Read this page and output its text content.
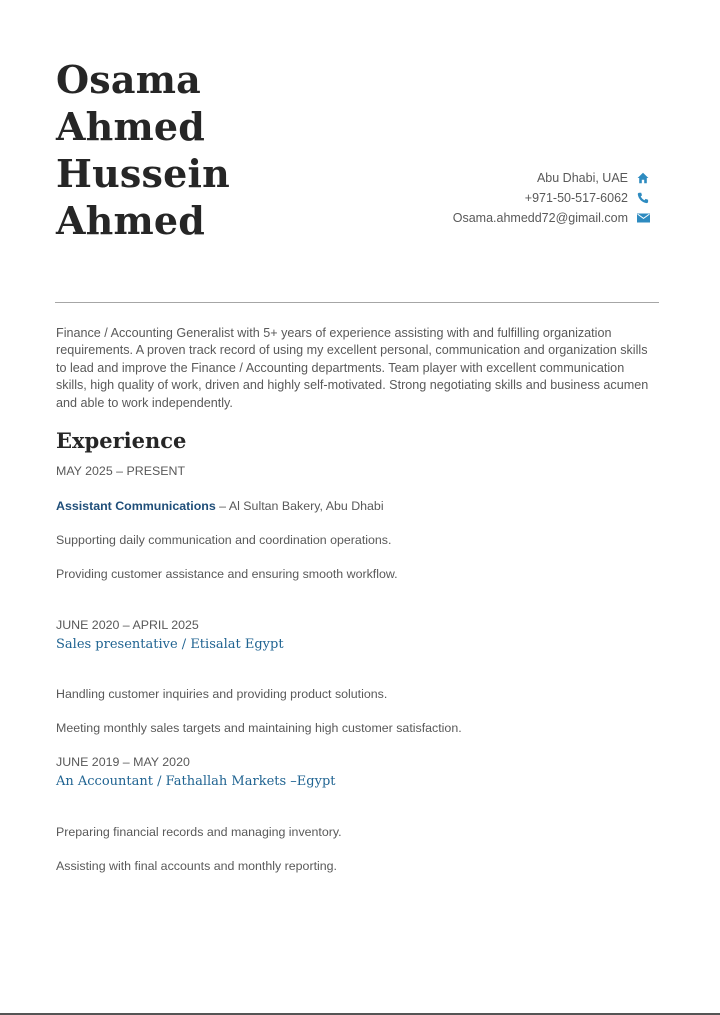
Osama
Ahmed
Hussein
Ahmed
Abu Dhabi, UAE
+971-50-517-6062
Osama.ahmedd72@gimail.com
Finance / Accounting Generalist with 5+ years of experience assisting with and fulfilling organization requirements. A proven track record of using my excellent personal, communication and organization skills to lead and improve the Finance / Accounting departments. Team player with excellent communication skills, high quality of work, driven and highly self-motivated. Strong negotiating skills and business acumen and able to work independently.
Experience
MAY 2025 – PRESENT
Assistant Communications – Al Sultan Bakery, Abu Dhabi
Supporting daily communication and coordination operations.
Providing customer assistance and ensuring smooth workflow.
JUNE 2020 – APRIL 2025
Sales presentative / Etisalat Egypt
Handling customer inquiries and providing product solutions.
Meeting monthly sales targets and maintaining high customer satisfaction.
JUNE 2019 – MAY 2020
An Accountant / Fathallah Markets –Egypt
Preparing financial records and managing inventory.
Assisting with final accounts and monthly reporting.
